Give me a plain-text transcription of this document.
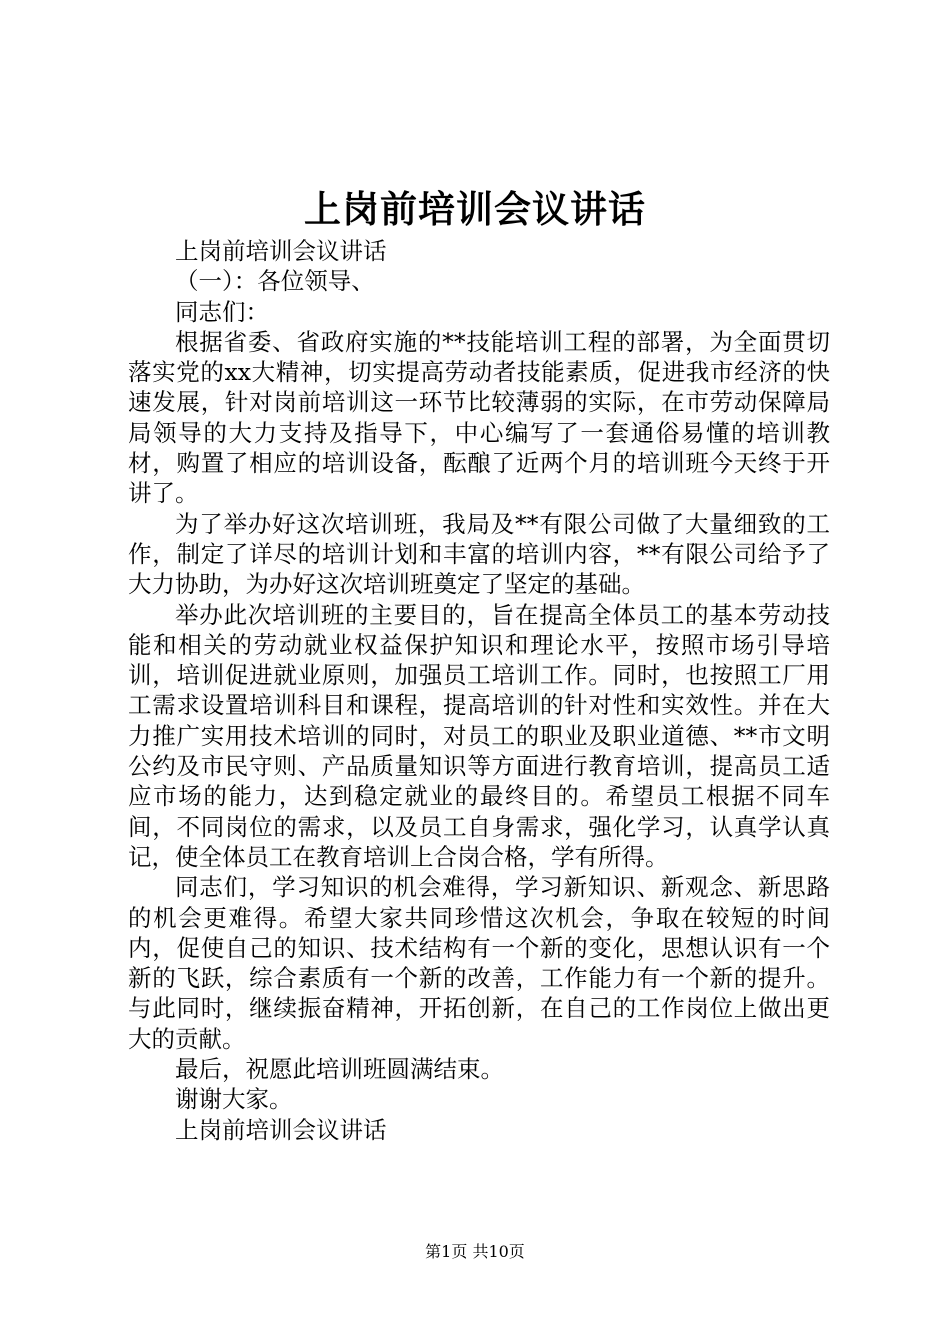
上岗前培训会议讲话

上岗前培训会议讲话

（一）：各位领导、

同志们：

根据省委、省政府实施的**技能培训工程的部署，为全面贯切落实党的xx大精神，切实提高劳动者技能素质，促进我市经济的快速发展，针对岗前培训这一环节比较薄弱的实际，在市劳动保障局局领导的大力支持及指导下，中心编写了一套通俗易懂的培训教材，购置了相应的培训设备，酝酿了近两个月的培训班今天终于开讲了。

为了举办好这次培训班，我局及**有限公司做了大量细致的工作，制定了详尽的培训计划和丰富的培训内容，**有限公司给予了大力协助，为办好这次培训班奠定了坚定的基础。

举办此次培训班的主要目的，旨在提高全体员工的基本劳动技能和相关的劳动就业权益保护知识和理论水平，按照市场引导培训，培训促进就业原则，加强员工培训工作。同时，也按照工厂用工需求设置培训科目和课程，提高培训的针对性和实效性。并在大力推广实用技术培训的同时，对员工的职业及职业道德、**市文明公约及市民守则、产品质量知识等方面进行教育培训，提高员工适应市场的能力，达到稳定就业的最终目的。希望员工根据不同车间，不同岗位的需求，以及员工自身需求，强化学习，认真学认真记，使全体员工在教育培训上合岗合格，学有所得。

同志们，学习知识的机会难得，学习新知识、新观念、新思路的机会更难得。希望大家共同珍惜这次机会，争取在较短的时间内，促使自己的知识、技术结构有一个新的变化，思想认识有一个新的飞跃，综合素质有一个新的改善，工作能力有一个新的提升。与此同时，继续振奋精神，开拓创新，在自己的工作岗位上做出更大的贡献。

最后，祝愿此培训班圆满结束。

谢谢大家。

上岗前培训会议讲话

第1页 共10页
